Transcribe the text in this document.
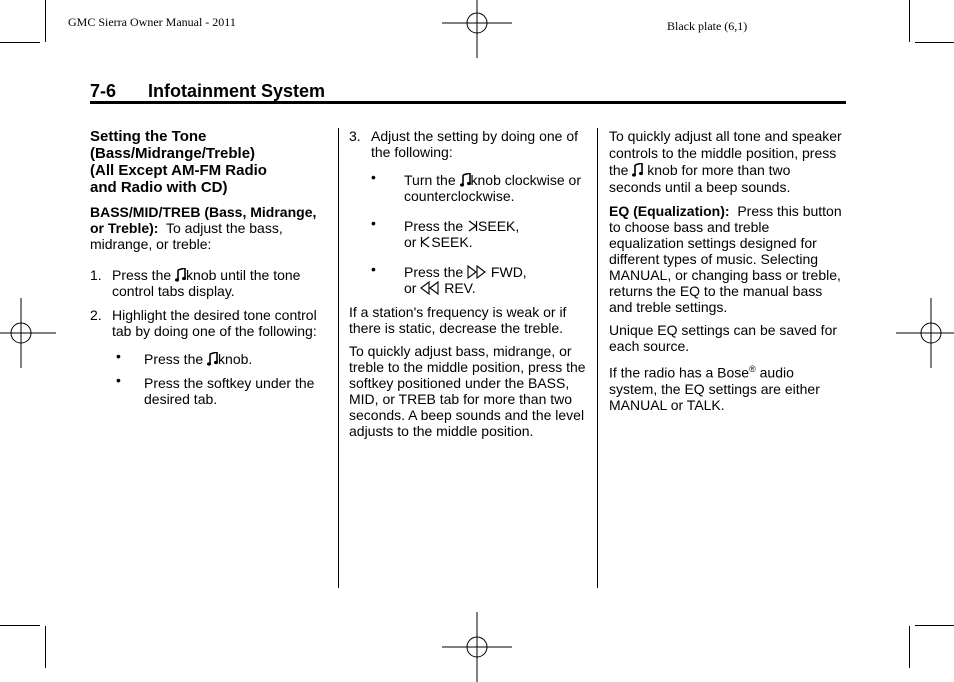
GMC Sierra Owner Manual - 2011	Black plate (6,1)
7-6 Infotainment System
Setting the Tone
(Bass/Midrange/Treble)
(All Except AM-FM Radio
and Radio with CD)

BASS/MID/TREB (Bass, Midrange, or Treble): To adjust the bass, midrange, or treble:

1. Press the knob until the tone control tabs display.
2. Highlight the desired tone control tab by doing one of the following:
• Press the knob.
• Press the softkey under the desired tab.
3. Adjust the setting by doing one of the following:
• Turn the knob clockwise or counterclockwise.
• Press the SEEK,
or SEEK.
• Press the FWD,
or REV.

If a station's frequency is weak or if there is static, decrease the treble.

To quickly adjust bass, midrange, or treble to the middle position, press the softkey positioned under the BASS, MID, or TREB tab for more than two seconds. A beep sounds and the level adjusts to the middle position.

To quickly adjust all tone and speaker controls to the middle position, press the knob for more than two seconds until a beep sounds.

EQ (Equalization): Press this button to choose bass and treble equalization settings designed for different types of music. Selecting MANUAL, or changing bass or treble, returns the EQ to the manual bass and treble settings.

Unique EQ settings can be saved for each source.

If the radio has a Bose® audio system, the EQ settings are either MANUAL or TALK.
